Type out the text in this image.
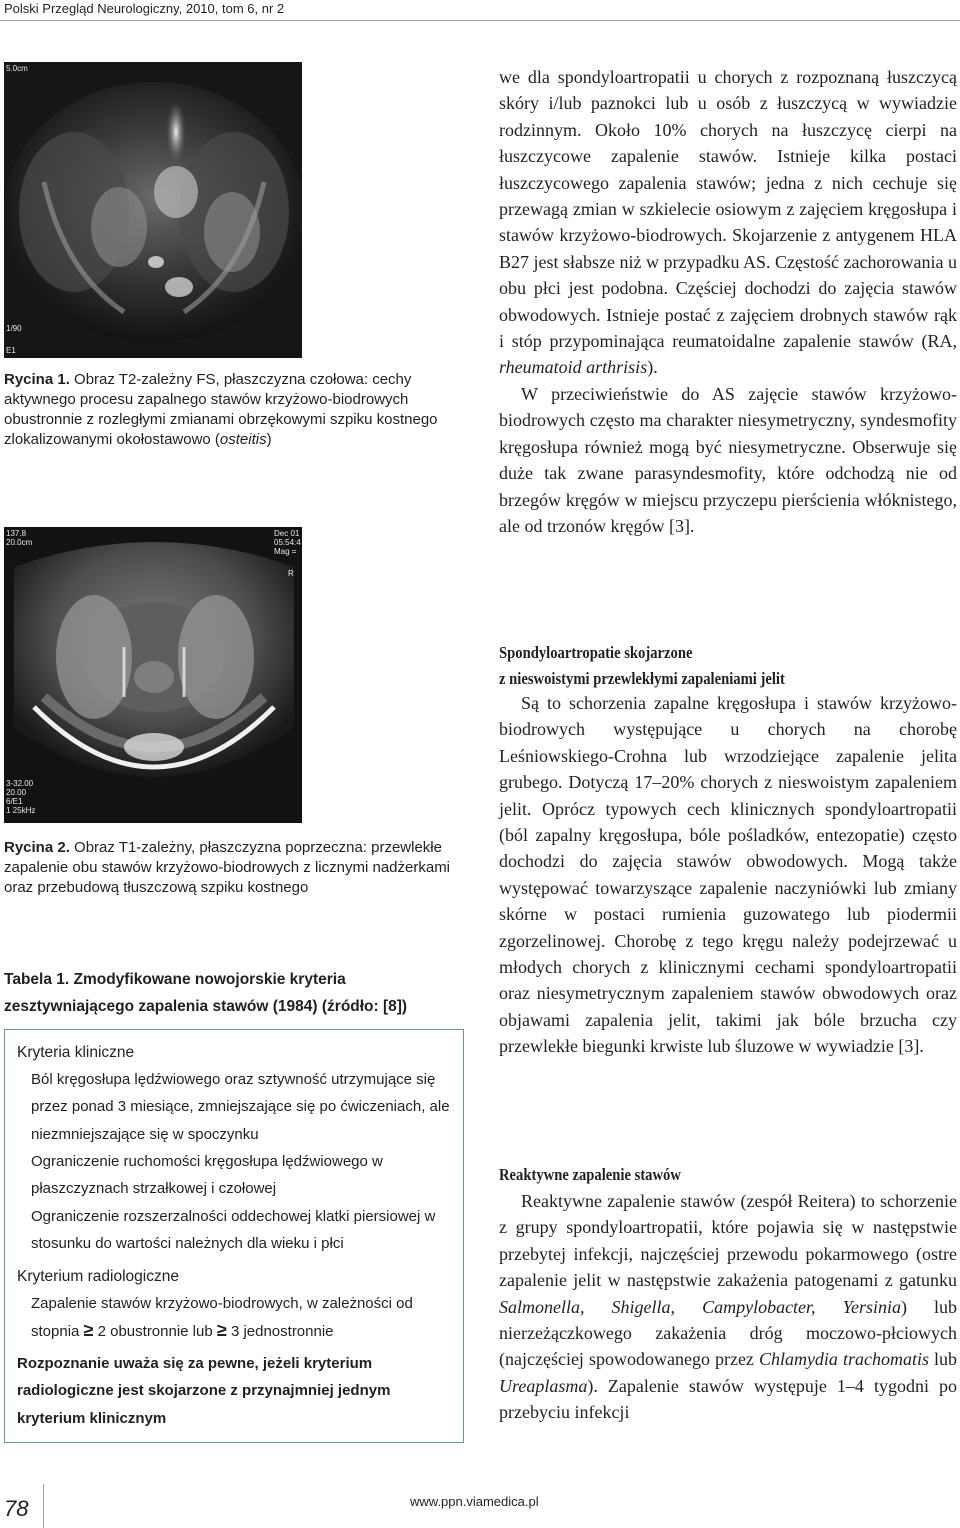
Polski Przegląd Neurologiczny, 2010, tom 6, nr 2
5.0cm
1/90
E1
Rycina 1. Obraz T2-zależny FS, płaszczyzna czołowa: cechy aktywnego procesu zapalnego stawów krzyżowo-biodrowych obustronnie z rozległymi zmianami obrzękowymi szpiku kostnego zlokalizowanymi okołostawowo (osteitis)
137.8
20.0cm
Dec 01
05:54:4
Mag =
R
3-32.00
20.00
6/E1
1 25kHz
Rycina 2. Obraz T1-zależny, płaszczyzna poprzeczna: przewlekłe zapalenie obu stawów krzyżowo-biodrowych z licznymi nadżerkami oraz przebudową tłuszczową szpiku kostnego
Tabela 1. Zmodyfikowane nowojorskie kryteria zesztywniającego zapalenia stawów (1984) (źródło: [8])
Kryteria kliniczne
Ból kręgosłupa lędźwiowego oraz sztywność utrzymujące się przez ponad 3 miesiące, zmniejszające się po ćwiczeniach, ale niezmniejszające się w spoczynku
Ograniczenie ruchomości kręgosłupa lędźwiowego w płaszczyznach strzałkowej i czołowej
Ograniczenie rozszerzalności oddechowej klatki piersiowej w stosunku do wartości należnych dla wieku i płci
Kryterium radiologiczne
Zapalenie stawów krzyżowo-biodrowych, w zależności od stopnia ≥ 2 obustronnie lub ≥ 3 jednostronnie
Rozpoznanie uważa się za pewne, jeżeli kryterium radiologiczne jest skojarzone z przynajmniej jednym kryterium klinicznym

we dla spondyloartropatii u chorych z rozpoznaną łuszczycą skóry i/lub paznokci lub u osób z łuszczycą w wywiadzie rodzinnym. Około 10% chorych na łuszczycę cierpi na łuszczycowe zapalenie stawów. Istnieje kilka postaci łuszczycowego zapalenia stawów; jedna z nich cechuje się przewagą zmian w szkielecie osiowym z zajęciem kręgosłupa i stawów krzyżowo-biodrowych. Skojarzenie z antygenem HLA B27 jest słabsze niż w przypadku AS. Częstość zachorowania u obu płci jest podobna. Częściej dochodzi do zajęcia stawów obwodowych. Istnieje postać z zajęciem drobnych stawów rąk i stóp przypominająca reumatoidalne zapalenie stawów (RA, rheumatoid arthrisis).

W przeciwieństwie do AS zajęcie stawów krzyżowo-biodrowych często ma charakter niesymetryczny, syndesmofity kręgosłupa również mogą być niesymetryczne. Obserwuje się duże tak zwane parasyndesmofity, które odchodzą nie od brzegów kręgów w miejscu przyczepu pierścienia włóknistego, ale od trzonów kręgów [3].

Spondyloartropatie skojarzone
z nieswoistymi przewlekłymi zapaleniami jelit

Są to schorzenia zapalne kręgosłupa i stawów krzyżowo-biodrowych występujące u chorych na chorobę Leśniowskiego-Crohna lub wrzodziejące zapalenie jelita grubego. Dotyczą 17–20% chorych z nieswoistym zapaleniem jelit. Oprócz typowych cech klinicznych spondyloartropatii (ból zapalny kręgosłupa, bóle pośladków, entezopatie) często dochodzi do zajęcia stawów obwodowych. Mogą także występować towarzyszące zapalenie naczyniówki lub zmiany skórne w postaci rumienia guzowatego lub piodermii zgorzelinowej. Chorobę z tego kręgu należy podejrzewać u młodych chorych z klinicznymi cechami spondyloartropatii oraz niesymetrycznym zapaleniem stawów obwodowych oraz objawami zapalenia jelit, takimi jak bóle brzucha czy przewlekłe biegunki krwiste lub śluzowe w wywiadzie [3].

Reaktywne zapalenie stawów

Reaktywne zapalenie stawów (zespół Reitera) to schorzenie z grupy spondyloartropatii, które pojawia się w następstwie przebytej infekcji, najczęściej przewodu pokarmowego (ostre zapalenie jelit w następstwie zakażenia patogenami z gatunku Salmonella, Shigella, Campylobacter, Yersinia) lub nierzeżączkowego zakażenia dróg moczowo-płciowych (najczęściej spowodowanego przez Chlamydia trachomatis lub Ureaplasma). Zapalenie stawów występuje 1–4 tygodni po przebyciu infekcji

78	www.ppn.viamedica.pl
